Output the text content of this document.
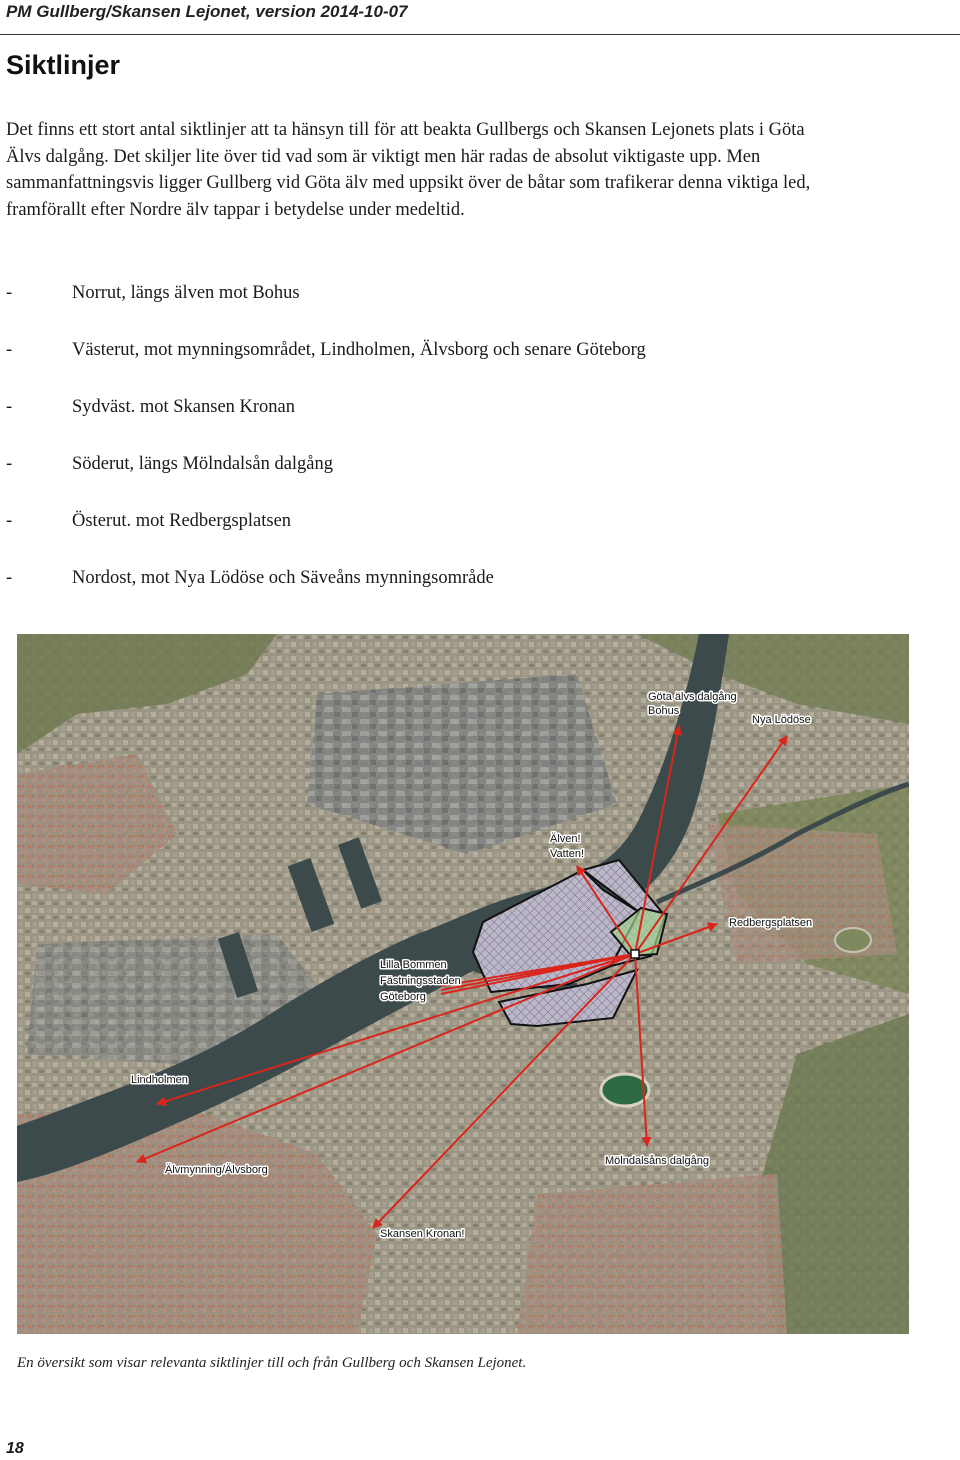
PM Gullberg/Skansen Lejonet, version 2014-10-07
Siktlinjer

Det finns ett stort antal siktlinjer att ta hänsyn till för att beakta Gullbergs och Skansen Lejonets plats i Göta Älvs dalgång. Det skiljer lite över tid vad som är viktigt men här radas de absolut viktigaste upp. Men sammanfattningsvis ligger Gullberg vid Göta älv med uppsikt över de båtar som trafikerar denna viktiga led, framförallt efter Nordre älv tappar i betydelse under medeltid.

-	Norrut, längs älven mot Bohus
-	Västerut, mot mynningsområdet, Lindholmen, Älvsborg och senare Göteborg
-	Sydväst. mot Skansen Kronan
-	Söderut, längs Mölndalsån dalgång
-	Österut. mot Redbergsplatsen
-	Nordost, mot Nya Lödöse och Säveåns mynningsområde
Göta älvs dalgång
Bohus
Nya Lödöse
Älven!
Vatten!
Redbergsplatsen
Lilla Bommen
Fästningsstaden
Göteborg
Lindholmen
Älvmynning/Älvsborg
Mölndalsåns dalgång
Skansen Kronan!

En översikt som visar relevanta siktlinjer till och från Gullberg och Skansen Lejonet.

18
